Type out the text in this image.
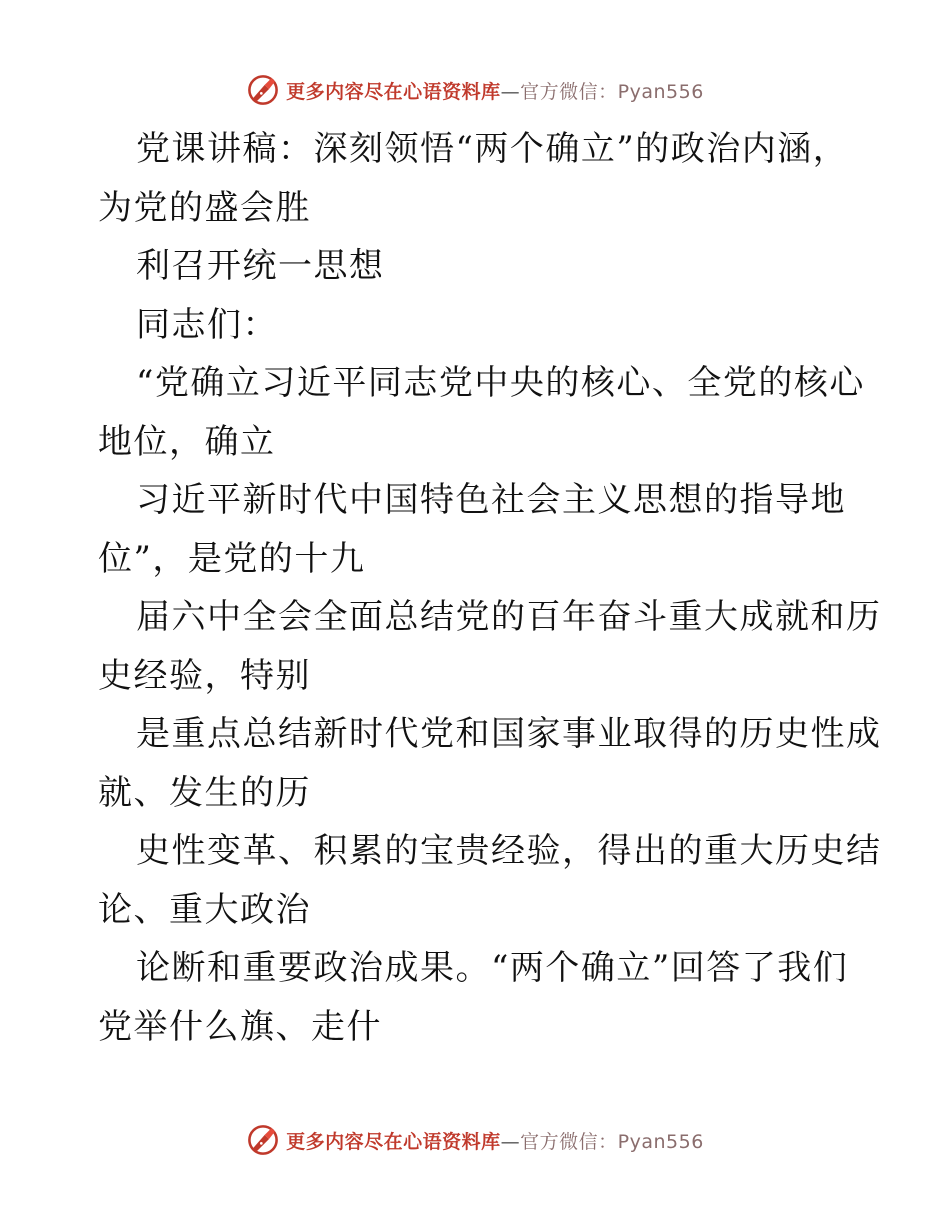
更多内容尽在心语资料库—官方微信：Pyan556
党课讲稿：深刻领悟“两个确立”的政治内涵，
为党的盛会胜
利召开统一思想
同志们：
“党确立习近平同志党中央的核心、全党的核心
地位，确立
习近平新时代中国特色社会主义思想的指导地
位”，是党的十九
届六中全会全面总结党的百年奋斗重大成就和历
史经验，特别
是重点总结新时代党和国家事业取得的历史性成
就、发生的历
史性变革、积累的宝贵经验，得出的重大历史结
论、重大政治
论断和重要政治成果。“两个确立”回答了我们
党举什么旗、走什
更多内容尽在心语资料库—官方微信：Pyan556
